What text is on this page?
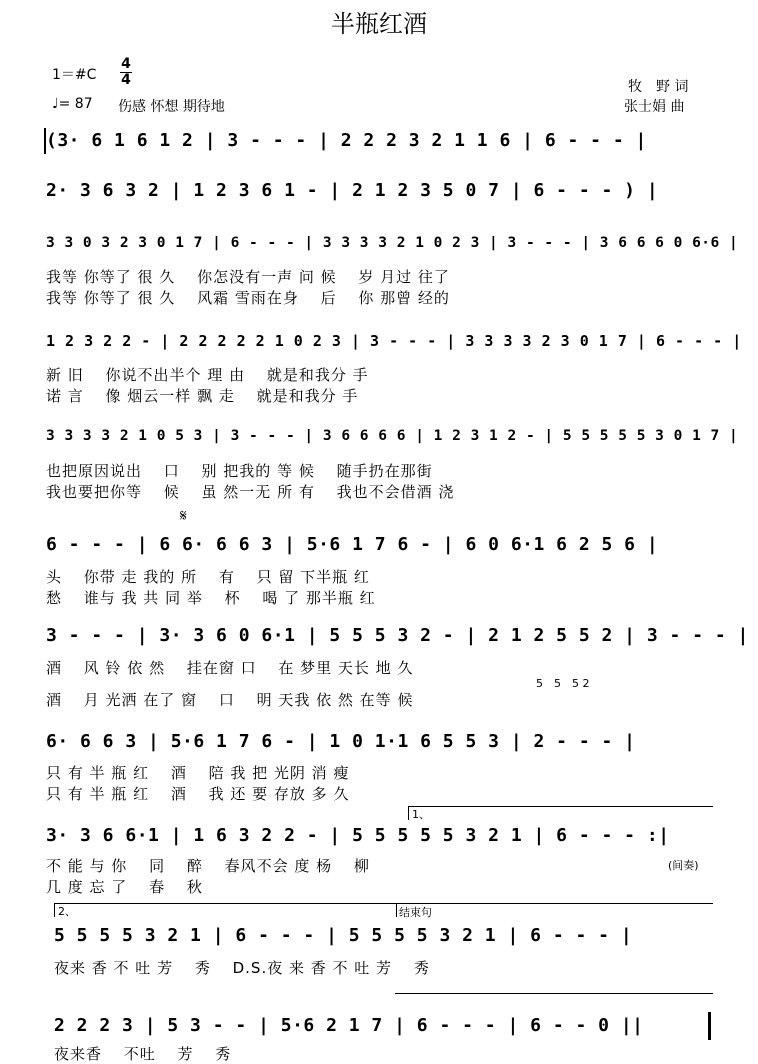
半瓶红酒
1＝#C
4
4
♩= 87 伤感 怀想 期待地
牧　野 词
张士娟 曲
(3· 6 1 6 1 2 | 3 - - - | 2 2 2 3 2 1 1 6 | 6 - - - |
2· 3 6 3 2 | 1 2 3 6 1 - | 2 1 2 3 5 0 7 | 6 - - - ) |
3 3 0 3 2 3 0 1 7 | 6 - - - | 3 3 3 3 2 1 0 2 3 | 3 - - - | 3 6 6 6 0 6·6 |
我等 你等了 很 久　 你怎没有一声 问 候　 岁 月过 往了
我等 你等了 很 久　 风霜 雪雨在身　 后　 你 那曾 经的
1 2 3 2 2 - | 2 2 2 2 2 1 0 2 3 | 3 - - - | 3 3 3 3 2 3 0 1 7 | 6 - - - |
新 旧　 你说不出半个 理 由　 就是和我分 手
诺 言　 像 烟云一样 飘 走　 就是和我分 手
3 3 3 3 2 1 0 5 3 | 3 - - - | 3 6 6 6 6 | 1 2 3 1 2 - | 5 5 5 5 5 3 0 1 7 |
也把原因说出　 口　 别 把我的 等 候　 随手扔在那街
我也要把你等　 候　 虽 然一无 所 有　 我也不会借酒 浇
𝄋
6 - - - | 6 6· 6 6 3 | 5·6 1 7 6 - | 6 0 6·1 6 2 5 6 |
头　 你带 走 我的 所　 有　 只 留 下半瓶 红
愁　 谁与 我 共 同 举　 杯　 喝 了 那半瓶 红
3 - - - | 3· 3 6 0 6·1 | 5 5 5 3 2 - | 2 1 2 5 5 2 | 3 - - - |
酒　 风 铃 依 然　 挂在窗 口　 在 梦里 天长 地 久
5　5　5 2
酒　 月 光洒 在了 窗　 口　 明 天我 依 然 在等 候
6· 6 6 3 | 5·6 1 7 6 - | 1 0 1·1 6 5 5 3 | 2 - - - |
只 有 半 瓶 红　 酒　 陪 我 把 光阴 消 瘦
只 有 半 瓶 红　 酒　 我 还 要 存放 多 久
1、
3· 3 6 6·1 | 1 6 3 2 2 - | 5 5 5 5 5 3 2 1 | 6 - - - :|
不 能 与 你　 同　 醉　 春风不会 度 杨　 柳	(间奏)
几 度 忘 了　 春　 秋
2、	结束句
5 5 5 5 3 2 1 | 6 - - - | 5 5 5 5 3 2 1 | 6 - - - |
夜来 香 不 吐 芳　 秀　 D.S.夜 来 香 不 吐 芳　 秀
2 2 2 3 | 5 3 - - | 5·6 2 1 7 | 6 - - - | 6 - - 0 ||
夜来香　 不吐　 芳　 秀
